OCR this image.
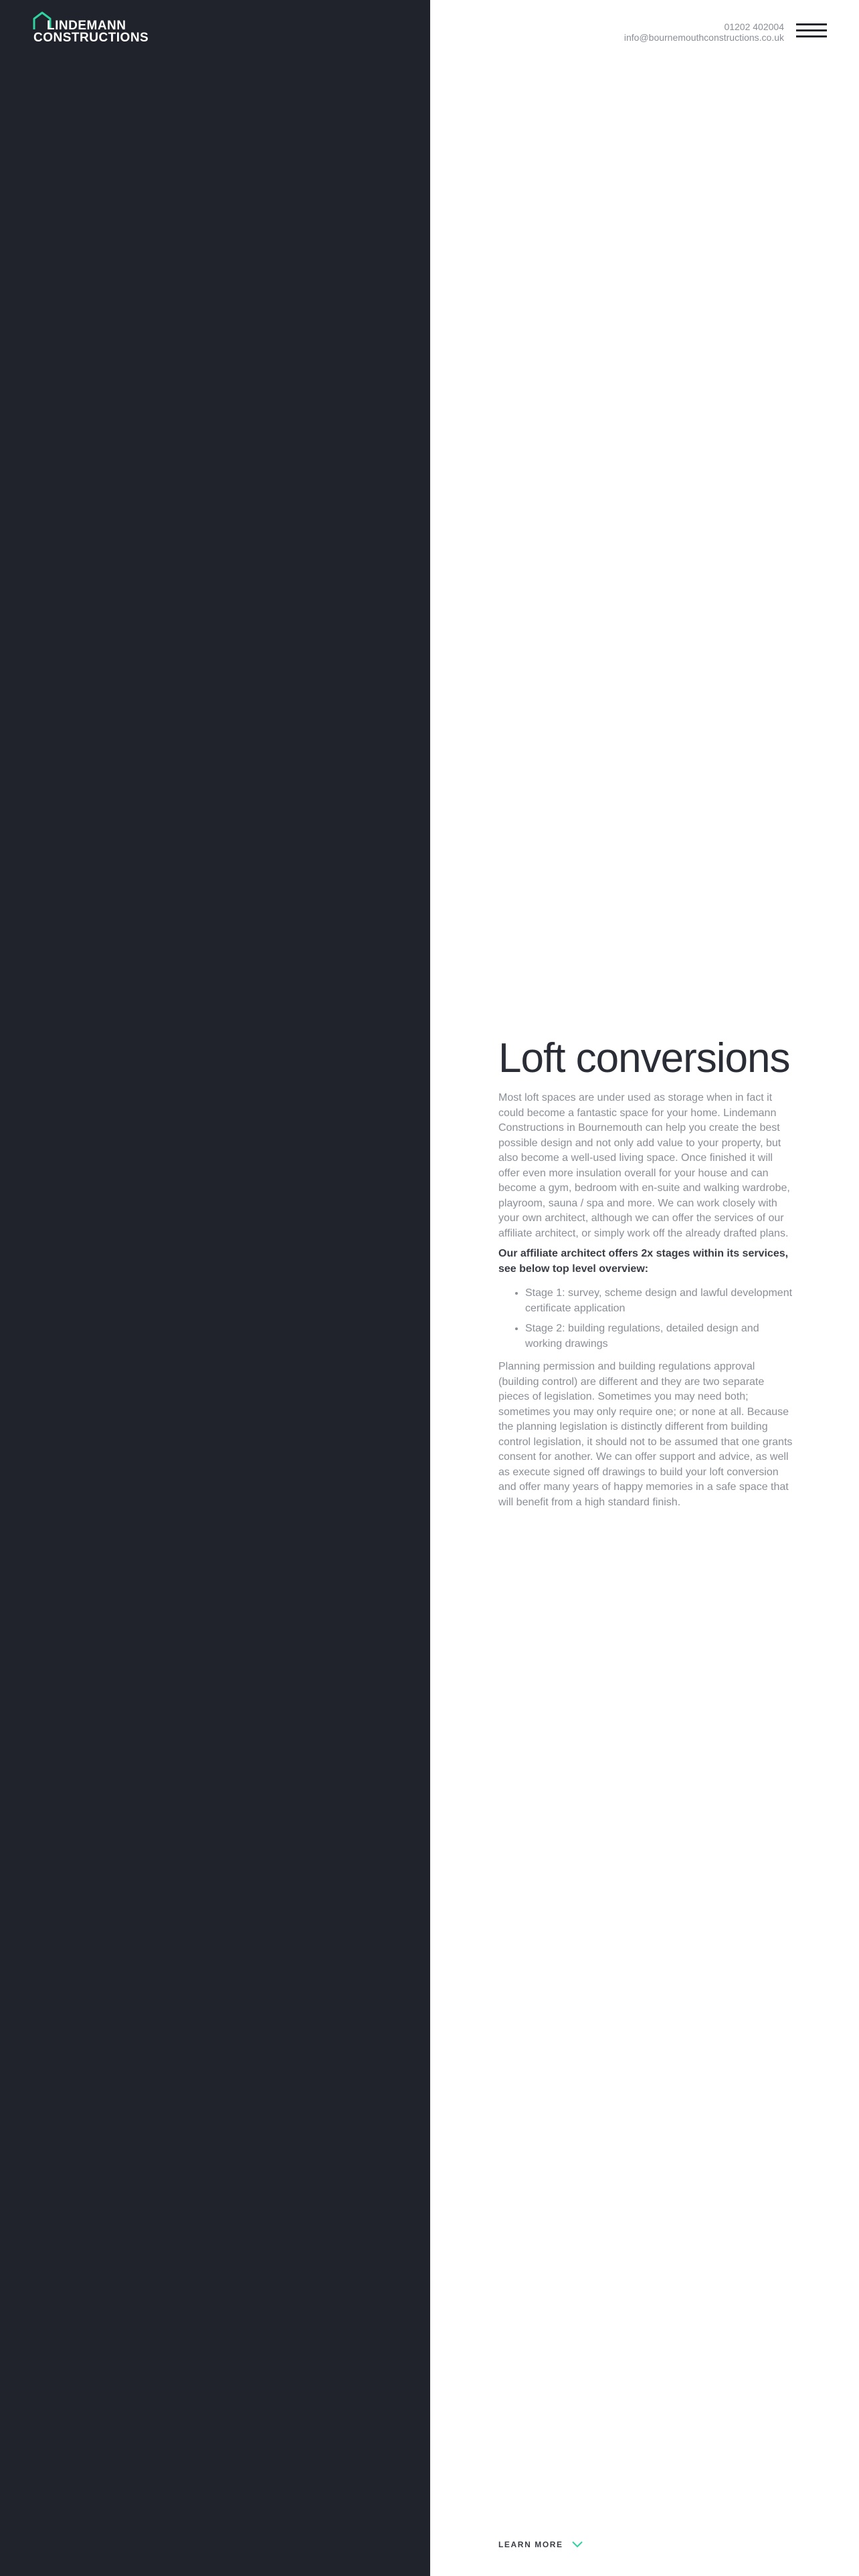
LINDEMANN
CONSTRUCTIONS
01202 402004
info@bournemouthconstructions.co.uk
Loft conversions

Most loft spaces are under used as storage when in fact it could become a fantastic space for your home. Lindemann Constructions in Bournemouth can help you create the best possible design and not only add value to your property, but also become a well-used living space. Once finished it will offer even more insulation overall for your house and can become a gym, bedroom with en-suite and walking wardrobe, playroom, sauna / spa and more. We can work closely with your own architect, although we can offer the services of our affiliate architect, or simply work off the already drafted plans.

Our affiliate architect offers 2x stages within its services, see below top level overview:

• Stage 1: survey, scheme design and lawful development certificate application
• Stage 2: building regulations, detailed design and working drawings

Planning permission and building regulations approval (building control) are different and they are two separate pieces of legislation. Sometimes you may need both; sometimes you may only require one; or none at all. Because the planning legislation is distinctly different from building control legislation, it should not to be assumed that one grants consent for another. We can offer support and advice, as well as execute signed off drawings to build your loft conversion and offer many years of happy memories in a safe space that will benefit from a high standard finish.

LEARN MORE
